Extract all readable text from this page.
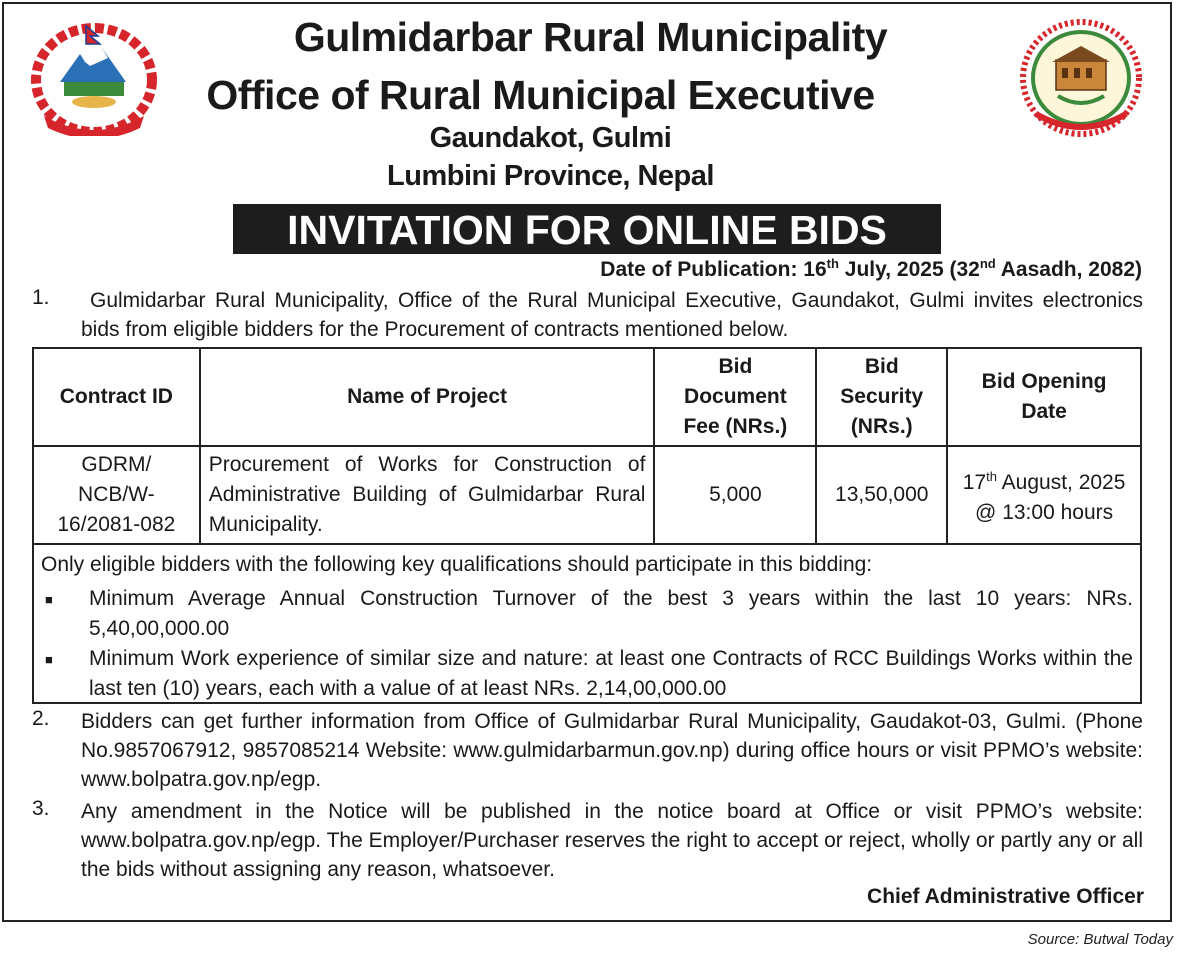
Gulmidarbar Rural Municipality
Office of Rural Municipal Executive
Gaundakot, Gulmi
Lumbini Province, Nepal
INVITATION FOR ONLINE BIDS
Date of Publication: 16th July, 2025 (32nd Aasadh, 2082)
1.	Gulmidarbar Rural Municipality, Office of the Rural Municipal Executive, Gaundakot, Gulmi invites electronics bids from eligible bidders for the Procurement of contracts mentioned below.
Contract ID	Name of Project	Bid Document Fee (NRs.)	Bid Security (NRs.)	Bid Opening Date
GDRM/ NCB/W- 16/2081-082	Procurement of Works for Construction of Administrative Building of Gulmidarbar Rural Municipality.	5,000	13,50,000	17th August, 2025
@ 13:00 hours
Only eligible bidders with the following key qualifications should participate in this bidding:
■ Minimum Average Annual Construction Turnover of the best 3 years within the last 10 years: NRs. 5,40,00,000.00
■ Minimum Work experience of similar size and nature: at least one Contracts of RCC Buildings Works within the last ten (10) years, each with a value of at least NRs. 2,14,00,000.00
2. Bidders can get further information from Office of Gulmidarbar Rural Municipality, Gaudakot-03, Gulmi. (Phone No.9857067912, 9857085214 Website: www.gulmidarbarmun.gov.np) during office hours or visit PPMO’s website: www.bolpatra.gov.np/egp.
3. Any amendment in the Notice will be published in the notice board at Office or visit PPMO’s website: www.bolpatra.gov.np/egp. The Employer/Purchaser reserves the right to accept or reject, wholly or partly any or all the bids without assigning any reason, whatsoever.
Chief Administrative Officer
Source: Butwal Today
